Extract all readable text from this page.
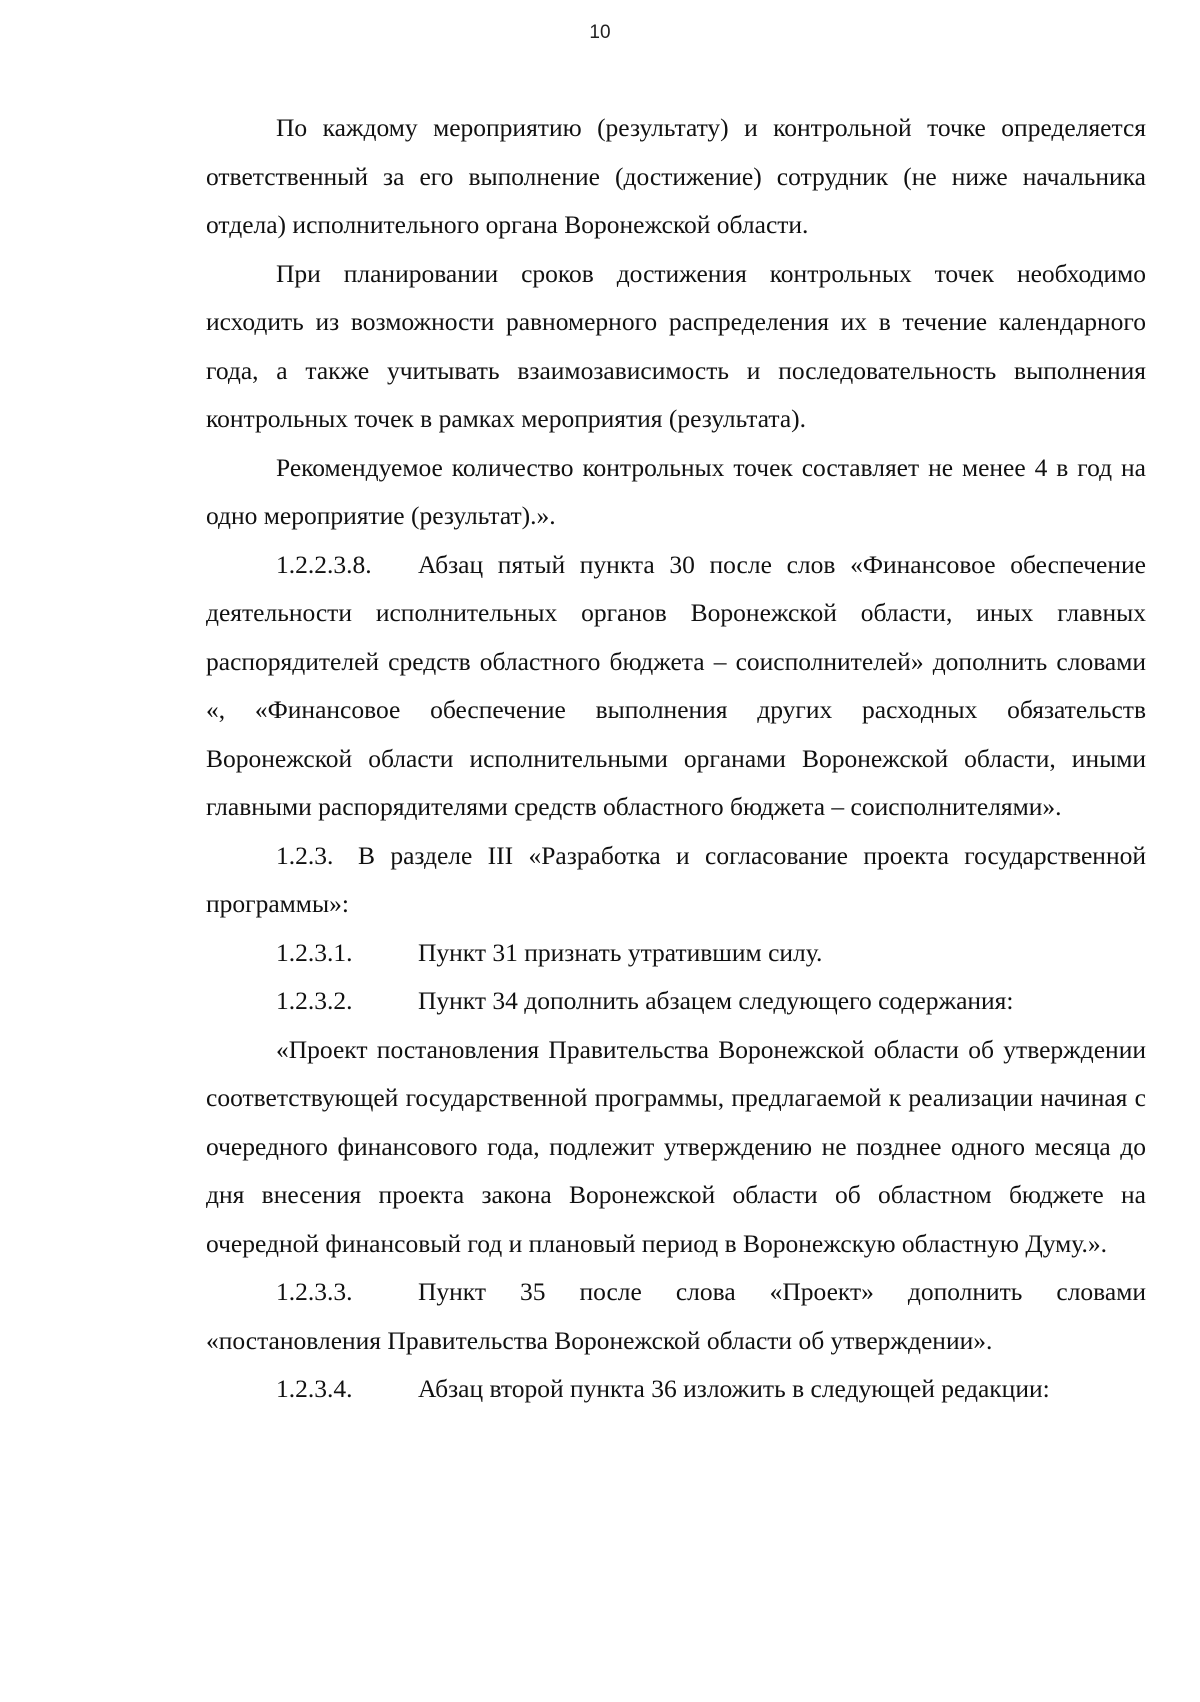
10

По каждому мероприятию (результату) и контрольной точке определяется ответственный за его выполнение (достижение) сотрудник (не ниже начальника отдела) исполнительного органа Воронежской области.

При планировании сроков достижения контрольных точек необходимо исходить из возможности равномерного распределения их в течение календарного года, а также учитывать взаимозависимость и последовательность выполнения контрольных точек в рамках мероприятия (результата).

Рекомендуемое количество контрольных точек составляет не менее 4 в год на одно мероприятие (результат).».

1.2.2.3.8. Абзац пятый пункта 30 после слов «Финансовое обеспечение деятельности исполнительных органов Воронежской области, иных главных распорядителей средств областного бюджета – соисполнителей» дополнить словами «, «Финансовое обеспечение выполнения других расходных обязательств Воронежской области исполнительными органами Воронежской области, иными главными распорядителями средств областного бюджета – соисполнителями».

1.2.3. В разделе III «Разработка и согласование проекта государственной программы»:

1.2.3.1.	Пункт 31 признать утратившим силу.

1.2.3.2.	Пункт 34 дополнить абзацем следующего содержания:

«Проект постановления Правительства Воронежской области об утверждении соответствующей государственной программы, предлагаемой к реализации начиная с очередного финансового года, подлежит утверждению не позднее одного месяца до дня внесения проекта закона Воронежской области об областном бюджете на очередной финансовый год и плановый период в Воронежскую областную Думу.».

1.2.3.3.	Пункт 35 после слова «Проект» дополнить словами «постановления Правительства Воронежской области об утверждении».

1.2.3.4.	Абзац второй пункта 36 изложить в следующей редакции:
